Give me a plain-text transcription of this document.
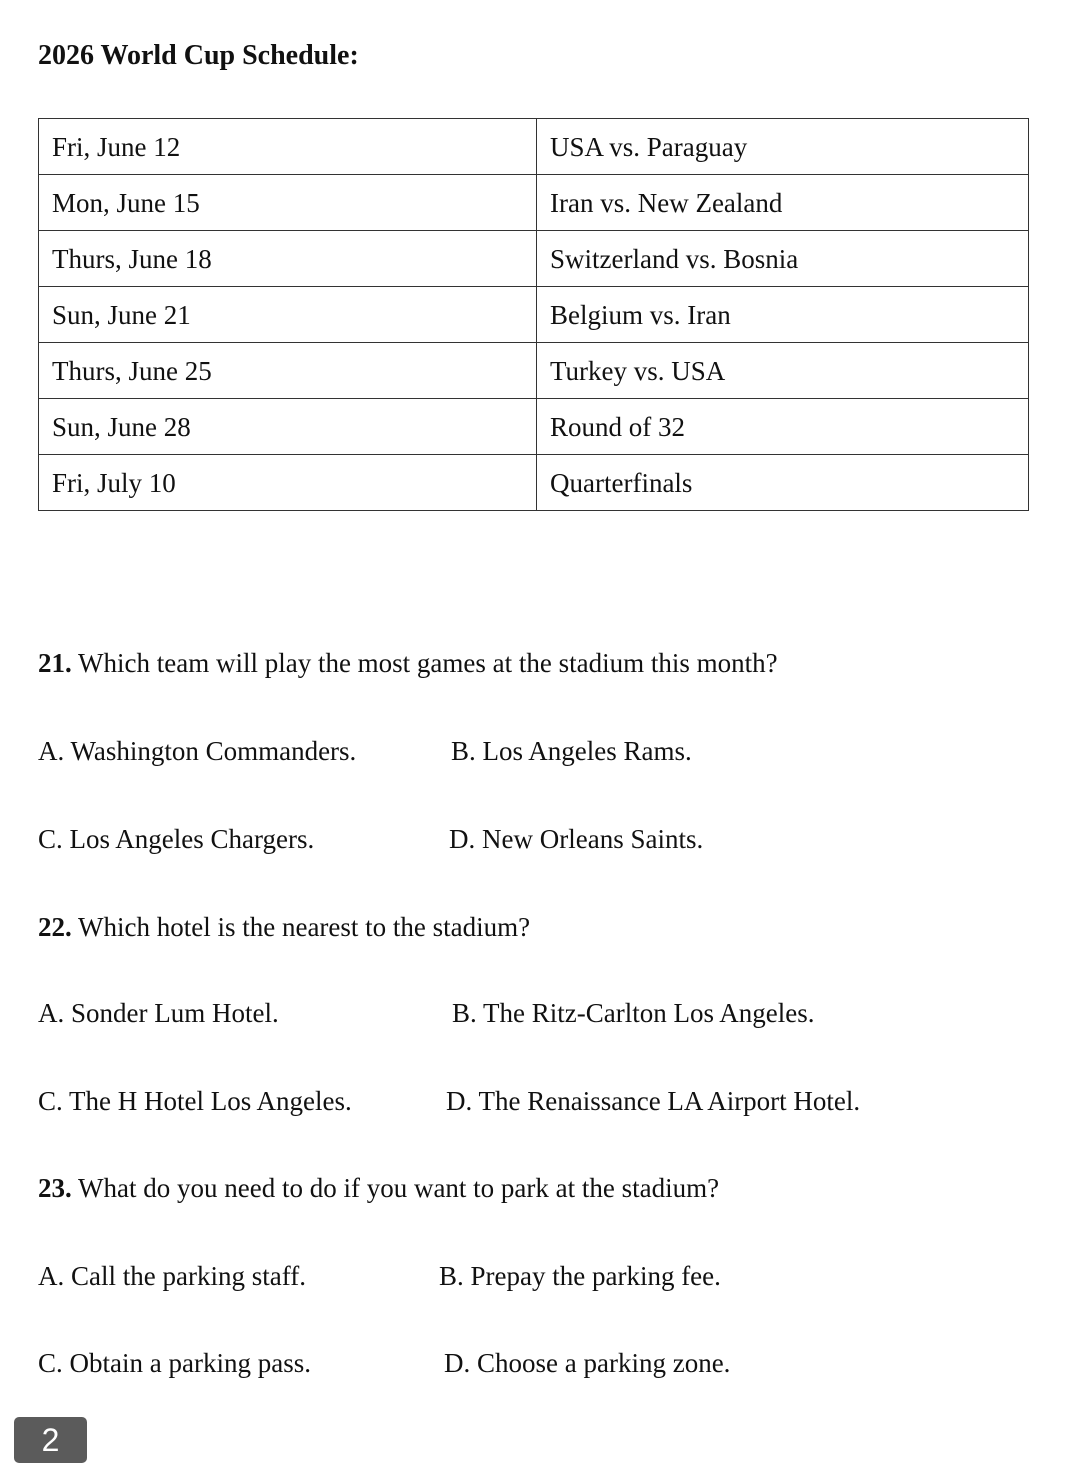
2026 World Cup Schedule:
Fri, June 12	USA vs. Paraguay
Mon, June 15	Iran vs. New Zealand
Thurs, June 18	Switzerland vs. Bosnia
Sun, June 21	Belgium vs. Iran
Thurs, June 25	Turkey vs. USA
Sun, June 28	Round of 32
Fri, July 10	Quarterfinals
21. Which team will play the most games at the stadium this month?
A. Washington Commanders.	B. Los Angeles Rams.
C. Los Angeles Chargers.	D. New Orleans Saints.
22. Which hotel is the nearest to the stadium?
A. Sonder Lum Hotel.	B. The Ritz-Carlton Los Angeles.
C. The H Hotel Los Angeles.	D. The Renaissance LA Airport Hotel.
23. What do you need to do if you want to park at the stadium?
A. Call the parking staff.	B. Prepay the parking fee.
C. Obtain a parking pass.	D. Choose a parking zone.
2
